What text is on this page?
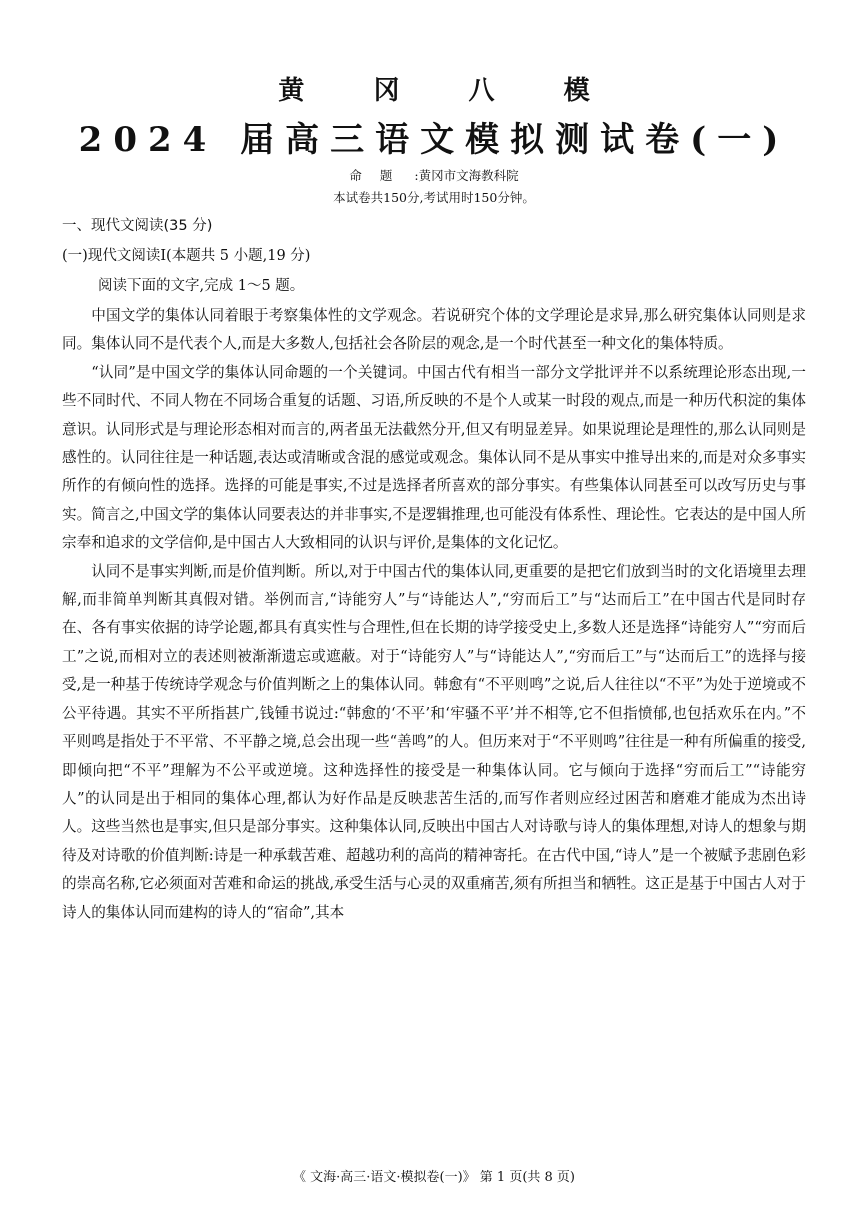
黄 冈 八 模
2024 届高三语文模拟测试卷(一)
命题 :黄冈市文海教科院
本试卷共150分,考试用时150分钟。
一、现代文阅读(35 分)
(一)现代文阅读Ⅰ(本题共 5 小题,19 分)
阅读下面的文字,完成 1～5 题。

中国文学的集体认同着眼于考察集体性的文学观念。若说研究个体的文学理论是求异,那么研究集体认同则是求同。集体认同不是代表个人,而是大多数人,包括社会各阶层的观念,是一个时代甚至一种文化的集体特质。

“认同”是中国文学的集体认同命题的一个关键词。中国古代有相当一部分文学批评并不以系统理论形态出现,一些不同时代、不同人物在不同场合重复的话题、习语,所反映的不是个人或某一时段的观点,而是一种历代积淀的集体意识。认同形式是与理论形态相对而言的,两者虽无法截然分开,但又有明显差异。如果说理论是理性的,那么认同则是感性的。认同往往是一种话题,表达或清晰或含混的感觉或观念。集体认同不是从事实中推导出来的,而是对众多事实所作的有倾向性的选择。选择的可能是事实,不过是选择者所喜欢的部分事实。有些集体认同甚至可以改写历史与事实。简言之,中国文学的集体认同要表达的并非事实,不是逻辑推理,也可能没有体系性、理论性。它表达的是中国人所宗奉和追求的文学信仰,是中国古人大致相同的认识与评价,是集体的文化记忆。

认同不是事实判断,而是价值判断。所以,对于中国古代的集体认同,更重要的是把它们放到当时的文化语境里去理解,而非简单判断其真假对错。举例而言,“诗能穷人”与“诗能达人”,“穷而后工”与“达而后工”在中国古代是同时存在、各有事实依据的诗学论题,都具有真实性与合理性,但在长期的诗学接受史上,多数人还是选择“诗能穷人”“穷而后工”之说,而相对立的表述则被渐渐遗忘或遮蔽。对于“诗能穷人”与“诗能达人”,“穷而后工”与“达而后工”的选择与接受,是一种基于传统诗学观念与价值判断之上的集体认同。韩愈有“不平则鸣”之说,后人往往以“不平”为处于逆境或不公平待遇。其实不平所指甚广,钱锺书说过:“韩愈的‘不平’和‘牢骚不平’并不相等,它不但指愤郁,也包括欢乐在内。”不平则鸣是指处于不平常、不平静之境,总会出现一些“善鸣”的人。但历来对于“不平则鸣”往往是一种有所偏重的接受,即倾向把“不平”理解为不公平或逆境。这种选择性的接受是一种集体认同。它与倾向于选择“穷而后工”“诗能穷人”的认同是出于相同的集体心理,都认为好作品是反映悲苦生活的,而写作者则应经过困苦和磨难才能成为杰出诗人。这些当然也是事实,但只是部分事实。这种集体认同,反映出中国古人对诗歌与诗人的集体理想,对诗人的想象与期待及对诗歌的价值判断:诗是一种承载苦难、超越功利的高尚的精神寄托。在古代中国,“诗人”是一个被赋予悲剧色彩的崇高名称,它必须面对苦难和命运的挑战,承受生活与心灵的双重痛苦,须有所担当和牺牲。这正是基于中国古人对于诗人的集体认同而建构的诗人的“宿命”,其本

《 文海·高三·语文·模拟卷(一)》 第 1 页(共 8 页)
